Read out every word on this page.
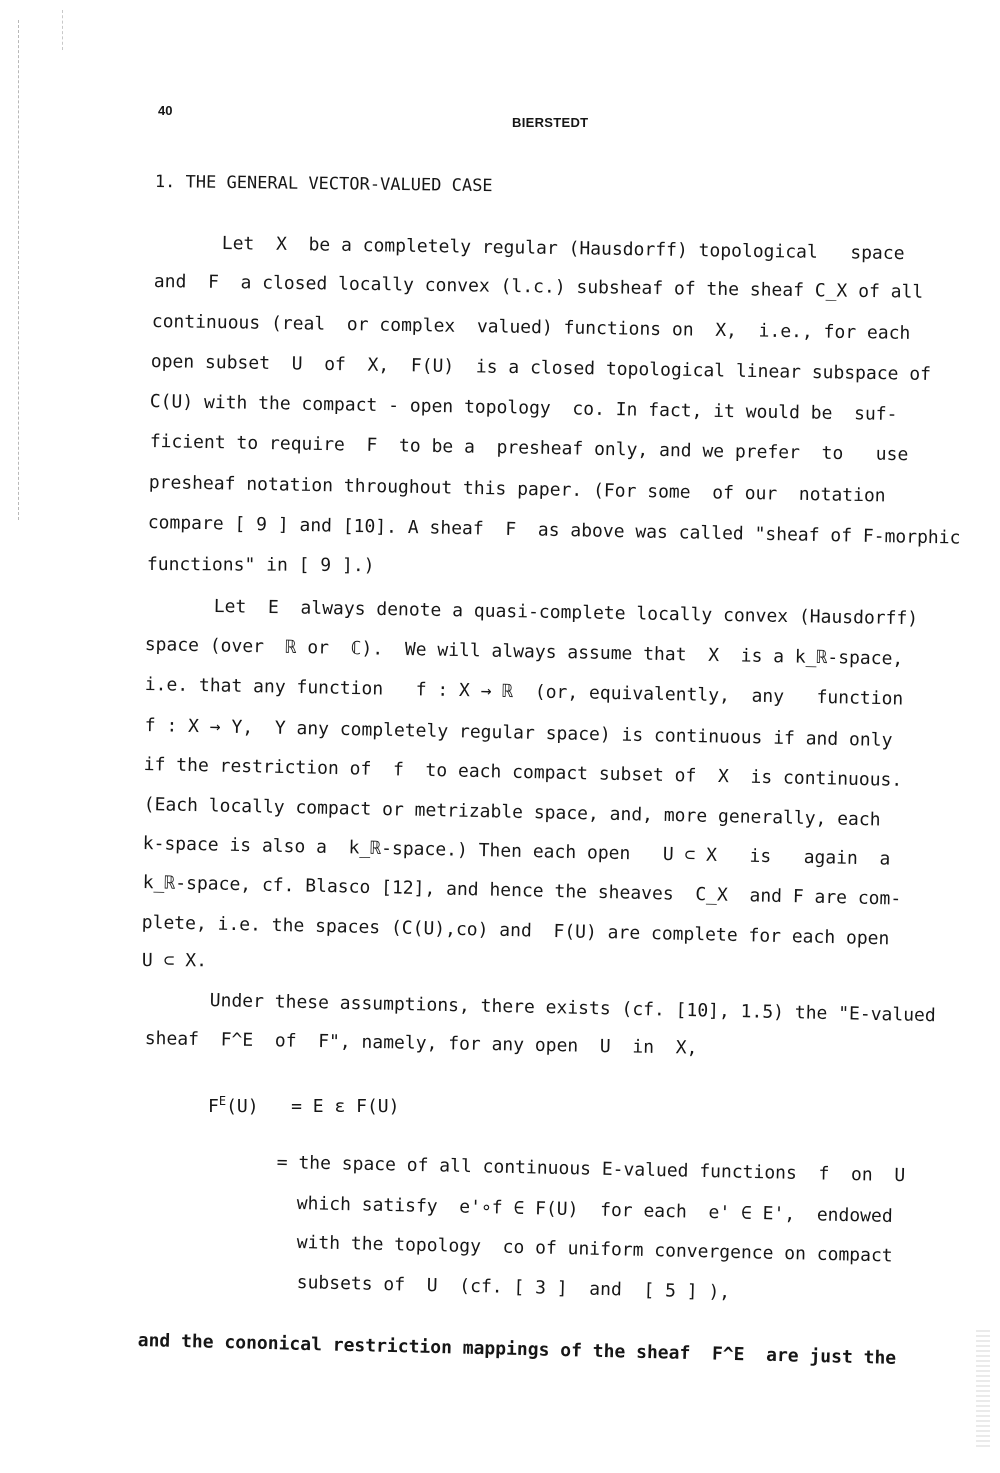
40
BIERSTEDT
1. THE GENERAL VECTOR-VALUED CASE
Let  X  be a completely regular (Hausdorff) topological   space
and  F  a closed locally convex (l.c.) subsheaf of the sheaf C_X of all
continuous (real  or complex  valued) functions on  X,  i.e., for each
open subset  U  of  X,  F(U)  is a closed topological linear subspace of
C(U) with the compact - open topology  co. In fact, it would be  suf-
ficient to require  F  to be a  presheaf only, and we prefer  to   use
presheaf notation throughout this paper. (For some  of our  notation
compare [ 9 ] and [10]. A sheaf  F  as above was called "sheaf of F-morphic
functions" in [ 9 ].)
Let  E  always denote a quasi-complete locally convex (Hausdorff)
space (over  ℝ or  ℂ).  We will always assume that  X  is a k_ℝ-space,
i.e. that any function   f : X → ℝ  (or, equivalently,  any   function
f : X → Y,  Y any completely regular space) is continuous if and only
if the restriction of  f  to each compact subset of  X  is continuous.
(Each locally compact or metrizable space, and, more generally, each
k-space is also a  k_ℝ-space.) Then each open   U ⊂ X   is   again  a
k_ℝ-space, cf. Blasco [12], and hence the sheaves  C_X  and F are com-
plete, i.e. the spaces (C(U),co) and  F(U) are complete for each open
U ⊂ X.
Under these assumptions, there exists (cf. [10], 1.5) the "E-valued
sheaf  F^E  of  F", namely, for any open  U  in  X,
$F^E(U) = E$ ε F(U)
= the space of all continuous E-valued functions  f  on  U
which satisfy  e'∘f ∈ F(U)  for each  e' ∈ E',  endowed
with the topology  co of uniform convergence on compact
subsets of  U  (cf. [ 3 ]  and  [ 5 ] ),
and the cononical restriction mappings of the sheaf  F^E  are just the
